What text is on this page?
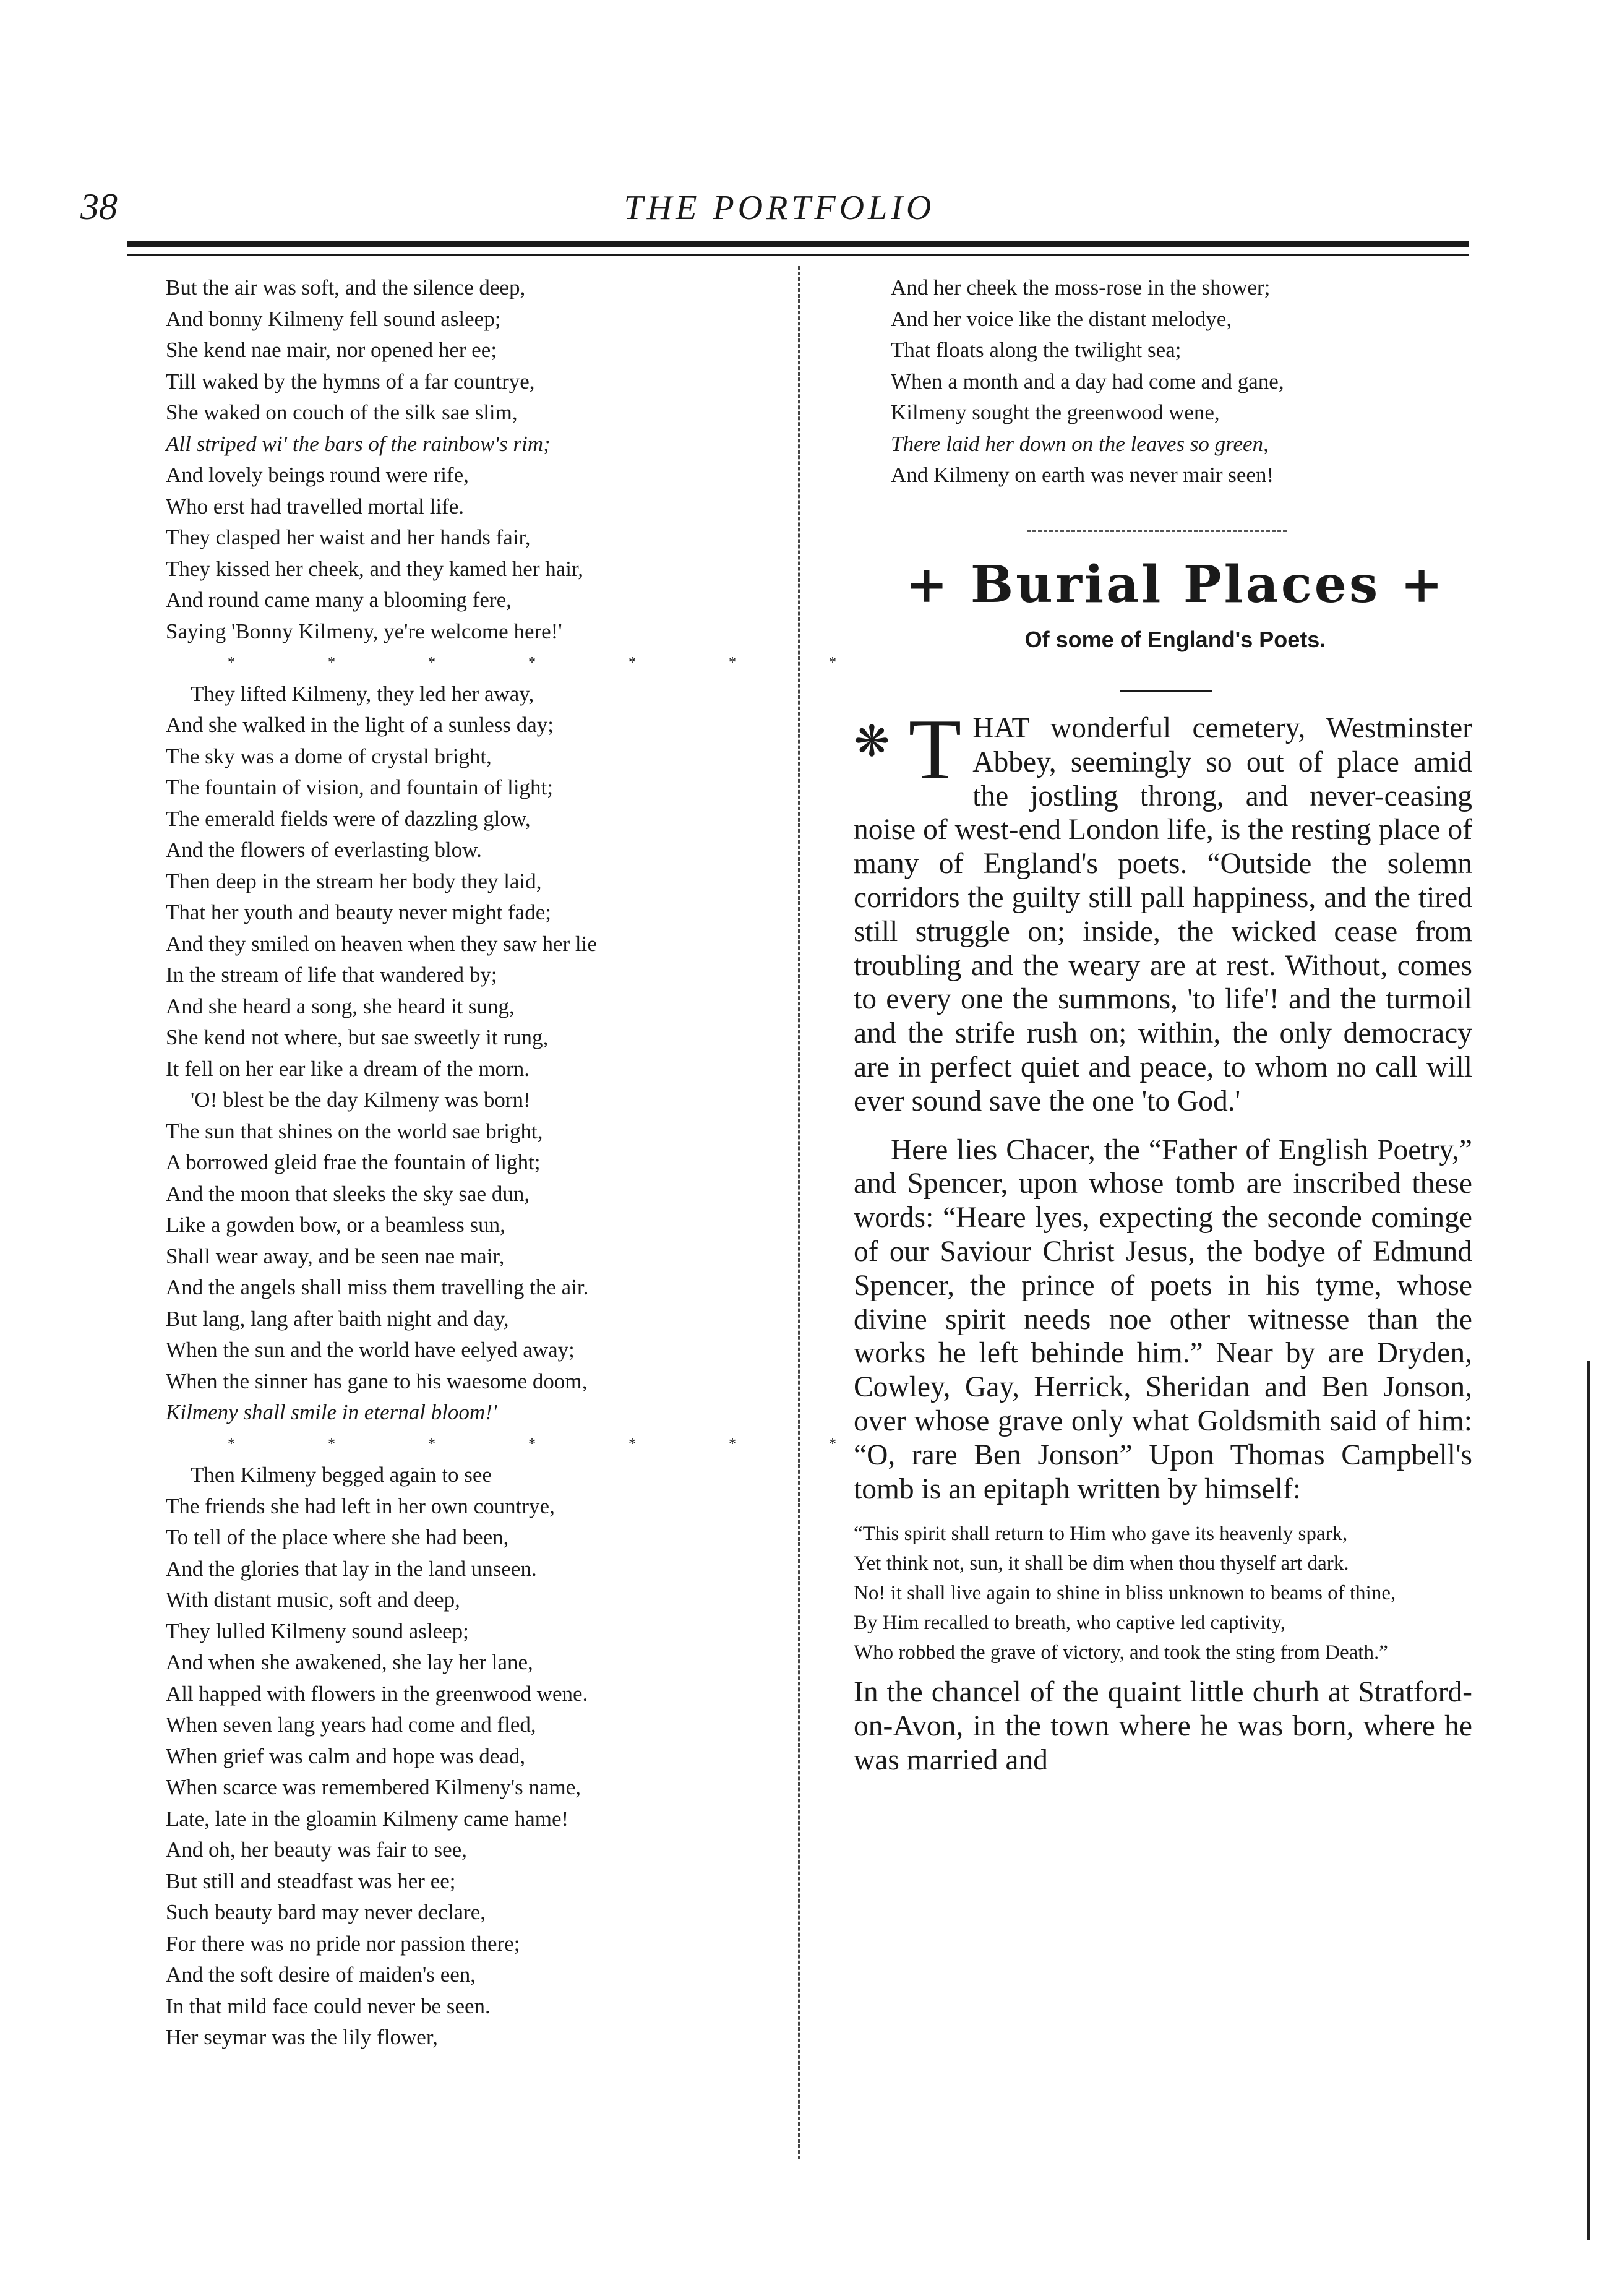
38	THE PORTFOLIO

But the air was soft, and the silence deep,

And bonny Kilmeny fell sound asleep;

She kend nae mair, nor opened her ee;

Till waked by the hymns of a far countrye,

She waked on couch of the silk sae slim,

All striped wi' the bars of the rainbow's rim;

And lovely beings round were rife,

Who erst had travelled mortal life.

They clasped her waist and her hands fair,

They kissed her cheek, and they kamed her hair,

And round came many a blooming fere,

Saying 'Bonny Kilmeny, ye're welcome here!'

* * * * * * *

They lifted Kilmeny, they led her away,

And she walked in the light of a sunless day;

The sky was a dome of crystal bright,

The fountain of vision, and fountain of light;

The emerald fields were of dazzling glow,

And the flowers of everlasting blow.

Then deep in the stream her body they laid,

That her youth and beauty never might fade;

And they smiled on heaven when they saw her lie

In the stream of life that wandered by;

And she heard a song, she heard it sung,

She kend not where, but sae sweetly it rung,

It fell on her ear like a dream of the morn.

'O! blest be the day Kilmeny was born!

The sun that shines on the world sae bright,

A borrowed gleid frae the fountain of light;

And the moon that sleeks the sky sae dun,

Like a gowden bow, or a beamless sun,

Shall wear away, and be seen nae mair,

And the angels shall miss them travelling the air.

But lang, lang after baith night and day,

When the sun and the world have eelyed away;

When the sinner has gane to his waesome doom,

Kilmeny shall smile in eternal bloom!'

* * * * * * *

Then Kilmeny begged again to see

The friends she had left in her own countrye,

To tell of the place where she had been,

And the glories that lay in the land unseen.

With distant music, soft and deep,

They lulled Kilmeny sound asleep;

And when she awakened, she lay her lane,

All happed with flowers in the greenwood wene.

When seven lang years had come and fled,

When grief was calm and hope was dead,

When scarce was remembered Kilmeny's name,

Late, late in the gloamin Kilmeny came hame!

And oh, her beauty was fair to see,

But still and steadfast was her ee;

Such beauty bard may never declare,

For there was no pride nor passion there;

And the soft desire of maiden's een,

In that mild face could never be seen.

Her seymar was the lily flower,

And her cheek the moss-rose in the shower;

And her voice like the distant melodye,

That floats along the twilight sea;

When a month and a day had come and gane,

Kilmeny sought the greenwood wene,

There laid her down on the leaves so green,

And Kilmeny on earth was never mair seen!

+ Burial Places +
Of some of England's Poets.

❋ T HAT wonderful cemetery, Westminster Abbey, seemingly so out of place amid the jostling throng, and never-ceasing noise of west-end London life, is the resting place of many of England's poets. “Outside the solemn corridors the guilty still pall happiness, and the tired still struggle on; inside, the wicked cease from troubling and the weary are at rest. Without, comes to every one the summons, 'to life'! and the turmoil and the strife rush on; within, the only democracy are in perfect quiet and peace, to whom no call will ever sound save the one 'to God.'

Here lies Chacer, the “Father of English Poetry,” and Spencer, upon whose tomb are inscribed these words: “Heare lyes, expecting the seconde cominge of our Saviour Christ Jesus, the bodye of Edmund Spencer, the prince of poets in his tyme, whose divine spirit needs noe other witnesse than the works he left behinde him.” Near by are Dryden, Cowley, Gay, Herrick, Sheridan and Ben Jonson, over whose grave only what Goldsmith said of him: “O, rare Ben Jonson” Upon Thomas Campbell's tomb is an epitaph written by himself:

“This spirit shall return to Him who gave its heavenly spark,

Yet think not, sun, it shall be dim when thou thyself art dark.

No! it shall live again to shine in bliss unknown to beams of thine,

By Him recalled to breath, who captive led captivity,

Who robbed the grave of victory, and took the sting from Death.”

In the chancel of the quaint little churh at Stratford-on-Avon, in the town where he was born, where he was married and
